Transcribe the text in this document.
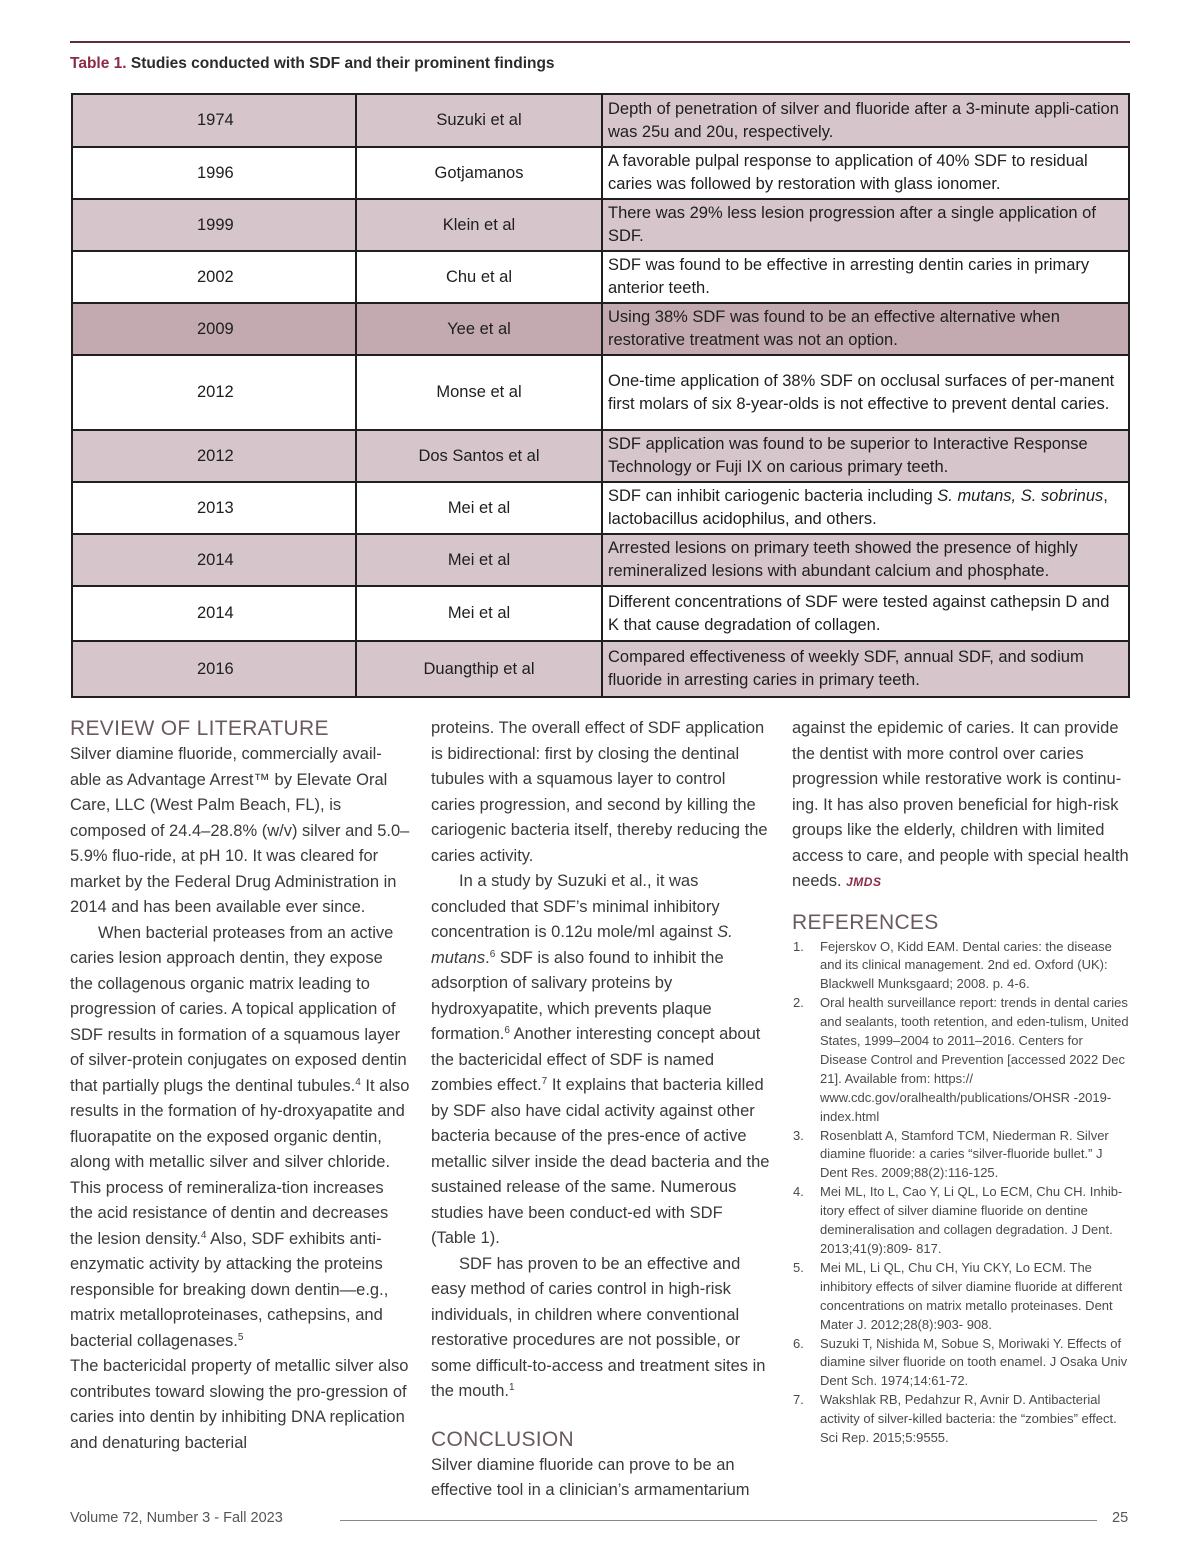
Table 1. Studies conducted with SDF and their prominent findings
1974	Suzuki et al	Depth of penetration of silver and fluoride after a 3-minute appli-cation was 25u and 20u, respectively.
1996	Gotjamanos	A favorable pulpal response to application of 40% SDF to residual caries was followed by restoration with glass ionomer.
1999	Klein et al	There was 29% less lesion progression after a single application of SDF.
2002	Chu et al	SDF was found to be effective in arresting dentin caries in primary anterior teeth.
2009	Yee et al	Using 38% SDF was found to be an effective alternative when restorative treatment was not an option.
2012	Monse et al	One-time application of 38% SDF on occlusal surfaces of per-manent first molars of six 8-year-olds is not effective to prevent dental caries.
2012	Dos Santos et al	SDF application was found to be superior to Interactive Response Technology or Fuji IX on carious primary teeth.
2013	Mei et al	SDF can inhibit cariogenic bacteria including S. mutans, S. sobrinus, lactobacillus acidophilus, and others.
2014	Mei et al	Arrested lesions on primary teeth showed the presence of highly remineralized lesions with abundant calcium and phosphate.
2014	Mei et al	Different concentrations of SDF were tested against cathepsin D and K that cause degradation of collagen.
2016	Duangthip et al	Compared effectiveness of weekly SDF, annual SDF, and sodium fluoride in arresting caries in primary teeth.
REVIEW OF LITERATURE

Silver diamine fluoride, commercially avail-able as Advantage Arrest™ by Elevate Oral Care, LLC (West Palm Beach, FL), is composed of 24.4–28.8% (w/v) silver and 5.0–5.9% fluo-ride, at pH 10. It was cleared for market by the Federal Drug Administration in 2014 and has been available ever since.

When bacterial proteases from an active caries lesion approach dentin, they expose the collagenous organic matrix leading to progression of caries. A topical application of SDF results in formation of a squamous layer of silver-protein conjugates on exposed dentin that partially plugs the dentinal tubules.$^4$ It also results in the formation of hy-droxyapatite and fluorapatite on the exposed organic dentin, along with metallic silver and silver chloride. This process of remineraliza-tion increases the acid resistance of dentin and decreases the lesion density.$^4$ Also, SDF exhibits anti-enzymatic activity by attacking the proteins responsible for breaking down dentin—e.g., matrix metalloproteinases, cathepsins, and bacterial collagenases.$^5$

The bactericidal property of metallic silver also contributes toward slowing the pro-gression of caries into dentin by inhibiting DNA replication and denaturing bacterial

proteins. The overall effect of SDF application is bidirectional: first by closing the dentinal tubules with a squamous layer to control caries progression, and second by killing the cariogenic bacteria itself, thereby reducing the caries activity.

In a study by Suzuki et al., it was concluded that SDF’s minimal inhibitory concentration is 0.12u mole/ml against S. mutans.$^6$ SDF is also found to inhibit the adsorption of salivary proteins by hydroxyapatite, which prevents plaque formation.$^6$ Another interesting concept about the bactericidal effect of SDF is named zombies effect.$^7$ It explains that bacteria killed by SDF also have cidal activity against other bacteria because of the pres-ence of active metallic silver inside the dead bacteria and the sustained release of the same. Numerous studies have been conduct-ed with SDF (Table 1).

SDF has proven to be an effective and easy method of caries control in high-risk individuals, in children where conventional restorative procedures are not possible, or some difficult-to-access and treatment sites in the mouth.$^1$

CONCLUSION

Silver diamine fluoride can prove to be an effective tool in a clinician’s armamentarium

against the epidemic of caries. It can provide the dentist with more control over caries progression while restorative work is continu-ing. It has also proven beneficial for high-risk groups like the elderly, children with limited access to care, and people with special health needs. JMDS

REFERENCES
1. Fejerskov O, Kidd EAM. Dental caries: the disease and its clinical management. 2nd ed. Oxford (UK): Blackwell Munksgaard; 2008. p. 4-6.
2. Oral health surveillance report: trends in dental caries and sealants, tooth retention, and eden-tulism, United States, 1999–2004 to 2011–2016. Centers for Disease Control and Prevention [accessed 2022 Dec 21]. Available from: https:// www.cdc.gov/oralhealth/publications/OHSR -2019-index.html
3. Rosenblatt A, Stamford TCM, Niederman R. Silver diamine fluoride: a caries “silver-fluoride bullet.” J Dent Res. 2009;88(2):116-125.
4. Mei ML, Ito L, Cao Y, Li QL, Lo ECM, Chu CH. Inhib-itory effect of silver diamine fluoride on dentine demineralisation and collagen degradation. J Dent. 2013;41(9):809- 817.
5. Mei ML, Li QL, Chu CH, Yiu CKY, Lo ECM. The inhibitory effects of silver diamine fluoride at different concentrations on matrix metallo proteinases. Dent Mater J. 2012;28(8):903- 908.
6. Suzuki T, Nishida M, Sobue S, Moriwaki Y. Effects of diamine silver fluoride on tooth enamel. J Osaka Univ Dent Sch. 1974;14:61-72.
7. Wakshlak RB, Pedahzur R, Avnir D. Antibacterial activity of silver-killed bacteria: the “zombies” effect. Sci Rep. 2015;5:9555.
Volume 72, Number 3 - Fall 2023	25
